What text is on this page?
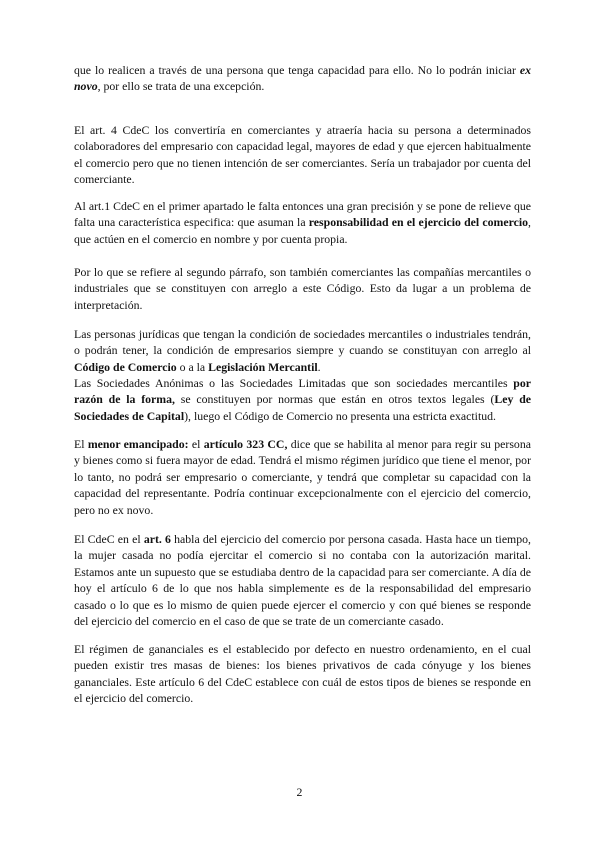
que lo realicen a través de una persona que tenga capacidad para ello. No lo podrán iniciar ex novo, por ello se trata de una excepción.

El art. 4 CdeC los convertiría en comerciantes y atraería hacia su persona a determinados colaboradores del empresario con capacidad legal, mayores de edad y que ejercen habitualmente el comercio pero que no tienen intención de ser comerciantes. Sería un trabajador por cuenta del comerciante.

Al art.1 CdeC en el primer apartado le falta entonces una gran precisión y se pone de relieve que falta una característica especifica: que asuman la responsabilidad en el ejercicio del comercio, que actúen en el comercio en nombre y por cuenta propia.

Por lo que se refiere al segundo párrafo, son también comerciantes las compañías mercantiles o industriales que se constituyen con arreglo a este Código. Esto da lugar a un problema de interpretación.

Las personas jurídicas que tengan la condición de sociedades mercantiles o industriales tendrán, o podrán tener, la condición de empresarios siempre y cuando se constituyan con arreglo al Código de Comercio o a la Legislación Mercantil.

Las Sociedades Anónimas o las Sociedades Limitadas que son sociedades mercantiles por razón de la forma, se constituyen por normas que están en otros textos legales (Ley de Sociedades de Capital), luego el Código de Comercio no presenta una estricta exactitud.

El menor emancipado: el artículo 323 CC, dice que se habilita al menor para regir su persona y bienes como si fuera mayor de edad. Tendrá el mismo régimen jurídico que tiene el menor, por lo tanto, no podrá ser empresario o comerciante, y tendrá que completar su capacidad con la capacidad del representante. Podría continuar excepcionalmente con el ejercicio del comercio, pero no ex novo.

El CdeC en el art. 6 habla del ejercicio del comercio por persona casada. Hasta hace un tiempo, la mujer casada no podía ejercitar el comercio si no contaba con la autorización marital. Estamos ante un supuesto que se estudiaba dentro de la capacidad para ser comerciante. A día de hoy el artículo 6 de lo que nos habla simplemente es de la responsabilidad del empresario casado o lo que es lo mismo de quien puede ejercer el comercio y con qué bienes se responde del ejercicio del comercio en el caso de que se trate de un comerciante casado.

El régimen de gananciales es el establecido por defecto en nuestro ordenamiento, en el cual pueden existir tres masas de bienes: los bienes privativos de cada cónyuge y los bienes gananciales. Este artículo 6 del CdeC establece con cuál de estos tipos de bienes se responde en el ejercicio del comercio.

2
